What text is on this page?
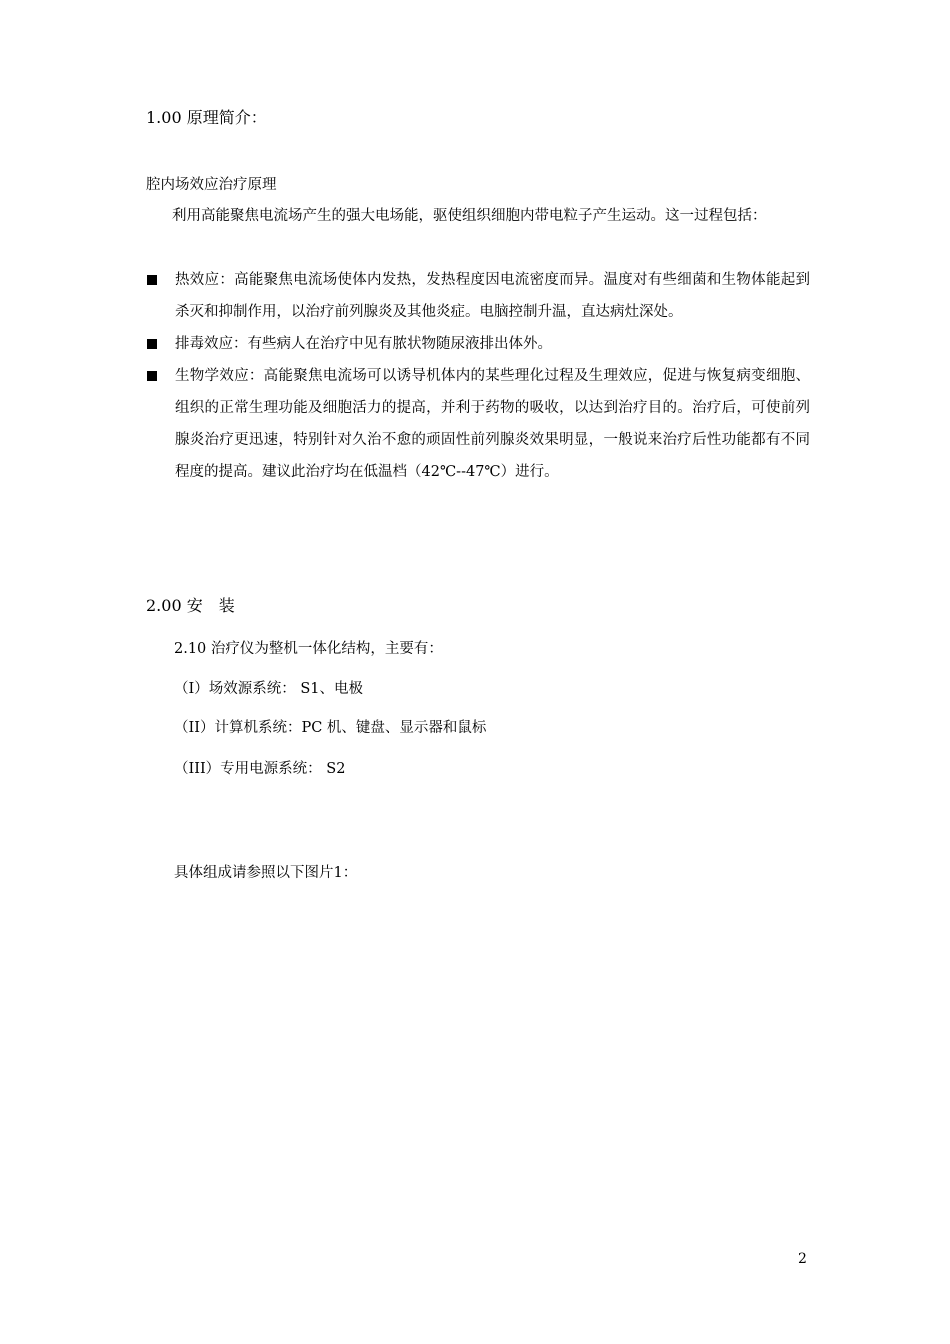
1.00 原理简介：
腔内场效应治疗原理
利用高能聚焦电流场产生的强大电场能，驱使组织细胞内带电粒子产生运动。这一过程包括：
热效应：高能聚焦电流场使体内发热，发热程度因电流密度而异。温度对有些细菌和生物体能起到杀灭和抑制作用，以治疗前列腺炎及其他炎症。电脑控制升温，直达病灶深处。
排毒效应：有些病人在治疗中见有脓状物随尿液排出体外。
生物学效应：高能聚焦电流场可以诱导机体内的某些理化过程及生理效应，促进与恢复病变细胞、组织的正常生理功能及细胞活力的提高，并利于药物的吸收，以达到治疗目的。治疗后，可使前列腺炎治疗更迅速，特别针对久治不愈的顽固性前列腺炎效果明显，一般说来治疗后性功能都有不同程度的提高。建议此治疗均在低温档（42℃--47℃）进行。
2.00 安　装
2.10 治疗仪为整机一体化结构，主要有：
（I）场效源系统： S1、电极
（II）计算机系统：PC 机、键盘、显示器和鼠标
（III）专用电源系统： S2
具体组成请参照以下图片1：
2
